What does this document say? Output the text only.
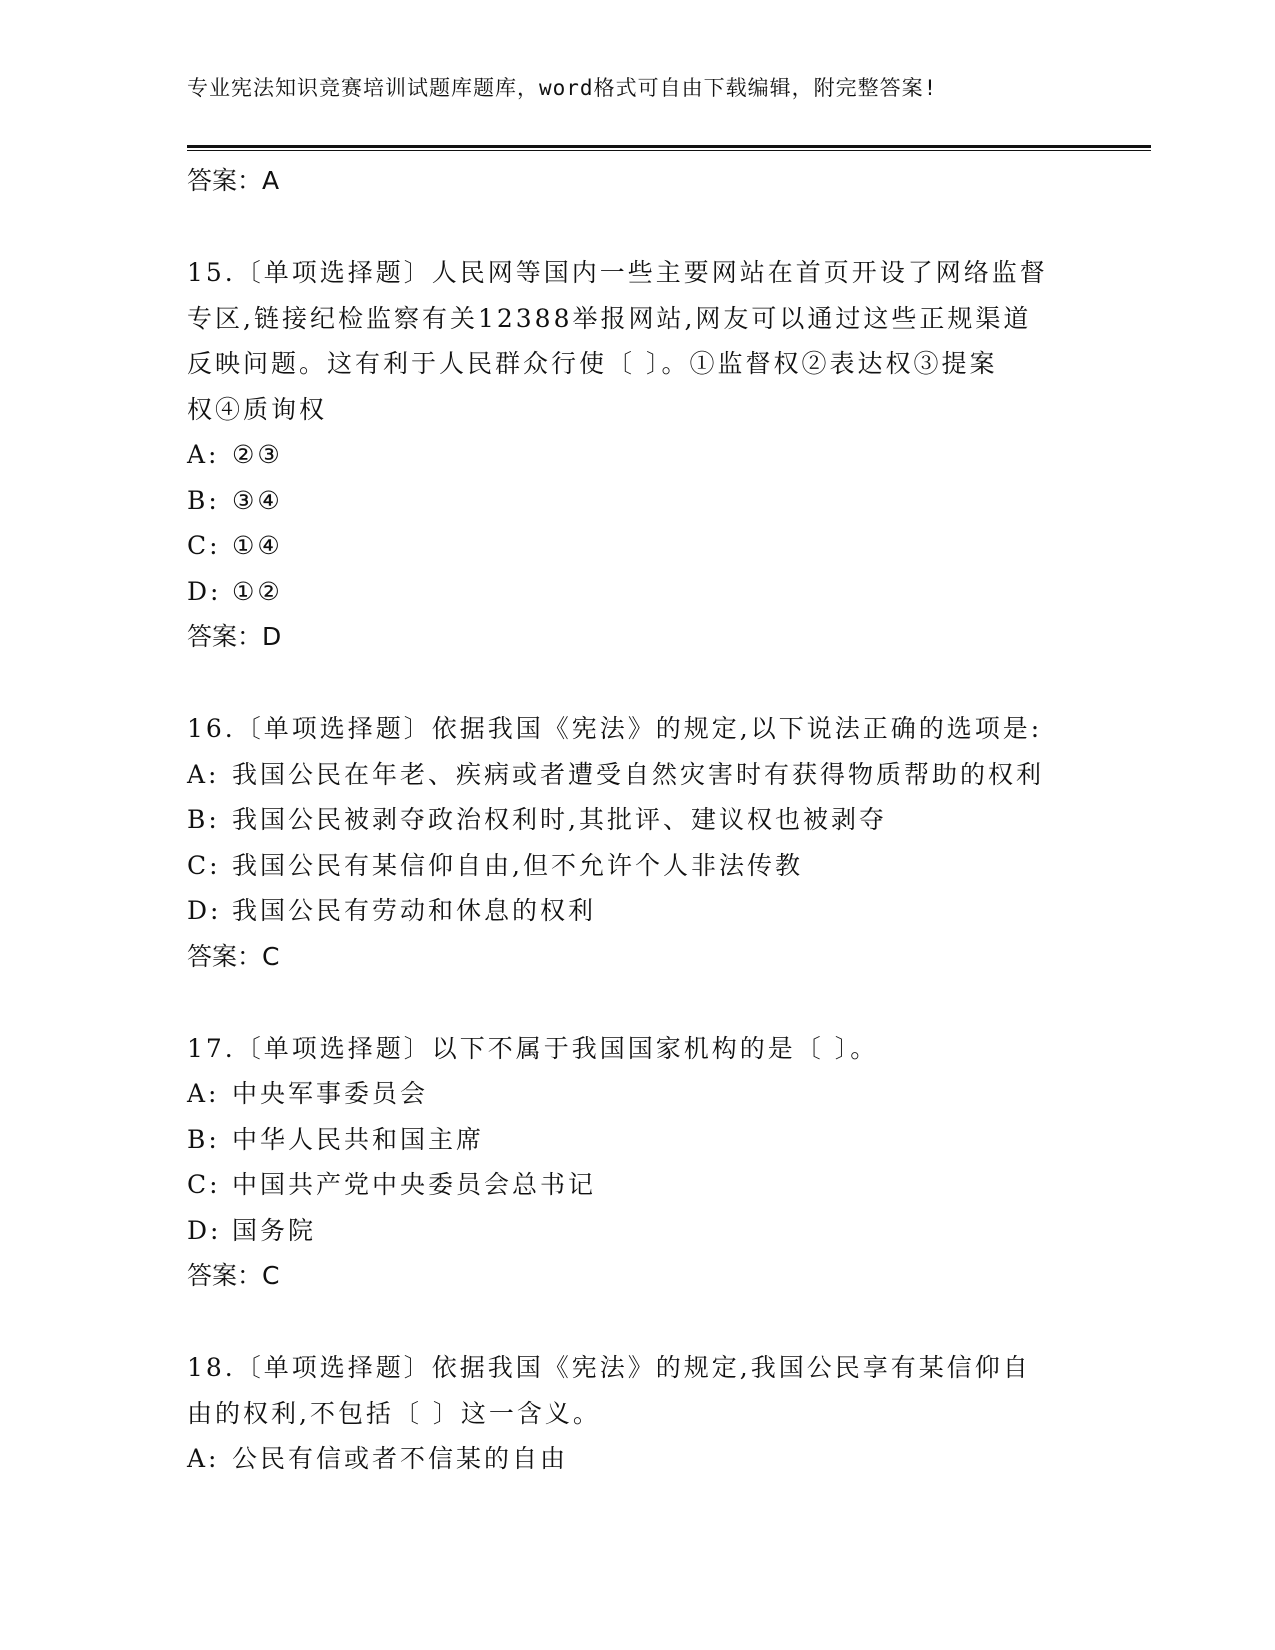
专业宪法知识竞赛培训试题库题库，word格式可自由下载编辑，附完整答案!
答案：A
15.〔单项选择题〕人民网等国内一些主要网站在首页开设了网络监督
专区,链接纪检监察有关12388举报网站,网友可以通过这些正规渠道
反映问题。这有利于人民群众行使〔 〕。①监督权②表达权③提案
权④质询权
A: ②③
B: ③④
C: ①④
D: ①②
答案：D
16.〔单项选择题〕依据我国《宪法》的规定,以下说法正确的选项是:
A: 我国公民在年老、疾病或者遭受自然灾害时有获得物质帮助的权利
B: 我国公民被剥夺政治权利时,其批评、建议权也被剥夺
C: 我国公民有某信仰自由,但不允许个人非法传教
D: 我国公民有劳动和休息的权利
答案：C
17.〔单项选择题〕以下不属于我国国家机构的是〔 〕。
A: 中央军事委员会
B: 中华人民共和国主席
C: 中国共产党中央委员会总书记
D: 国务院
答案：C
18.〔单项选择题〕依据我国《宪法》的规定,我国公民享有某信仰自
由的权利,不包括〔 〕这一含义。
A: 公民有信或者不信某的自由
